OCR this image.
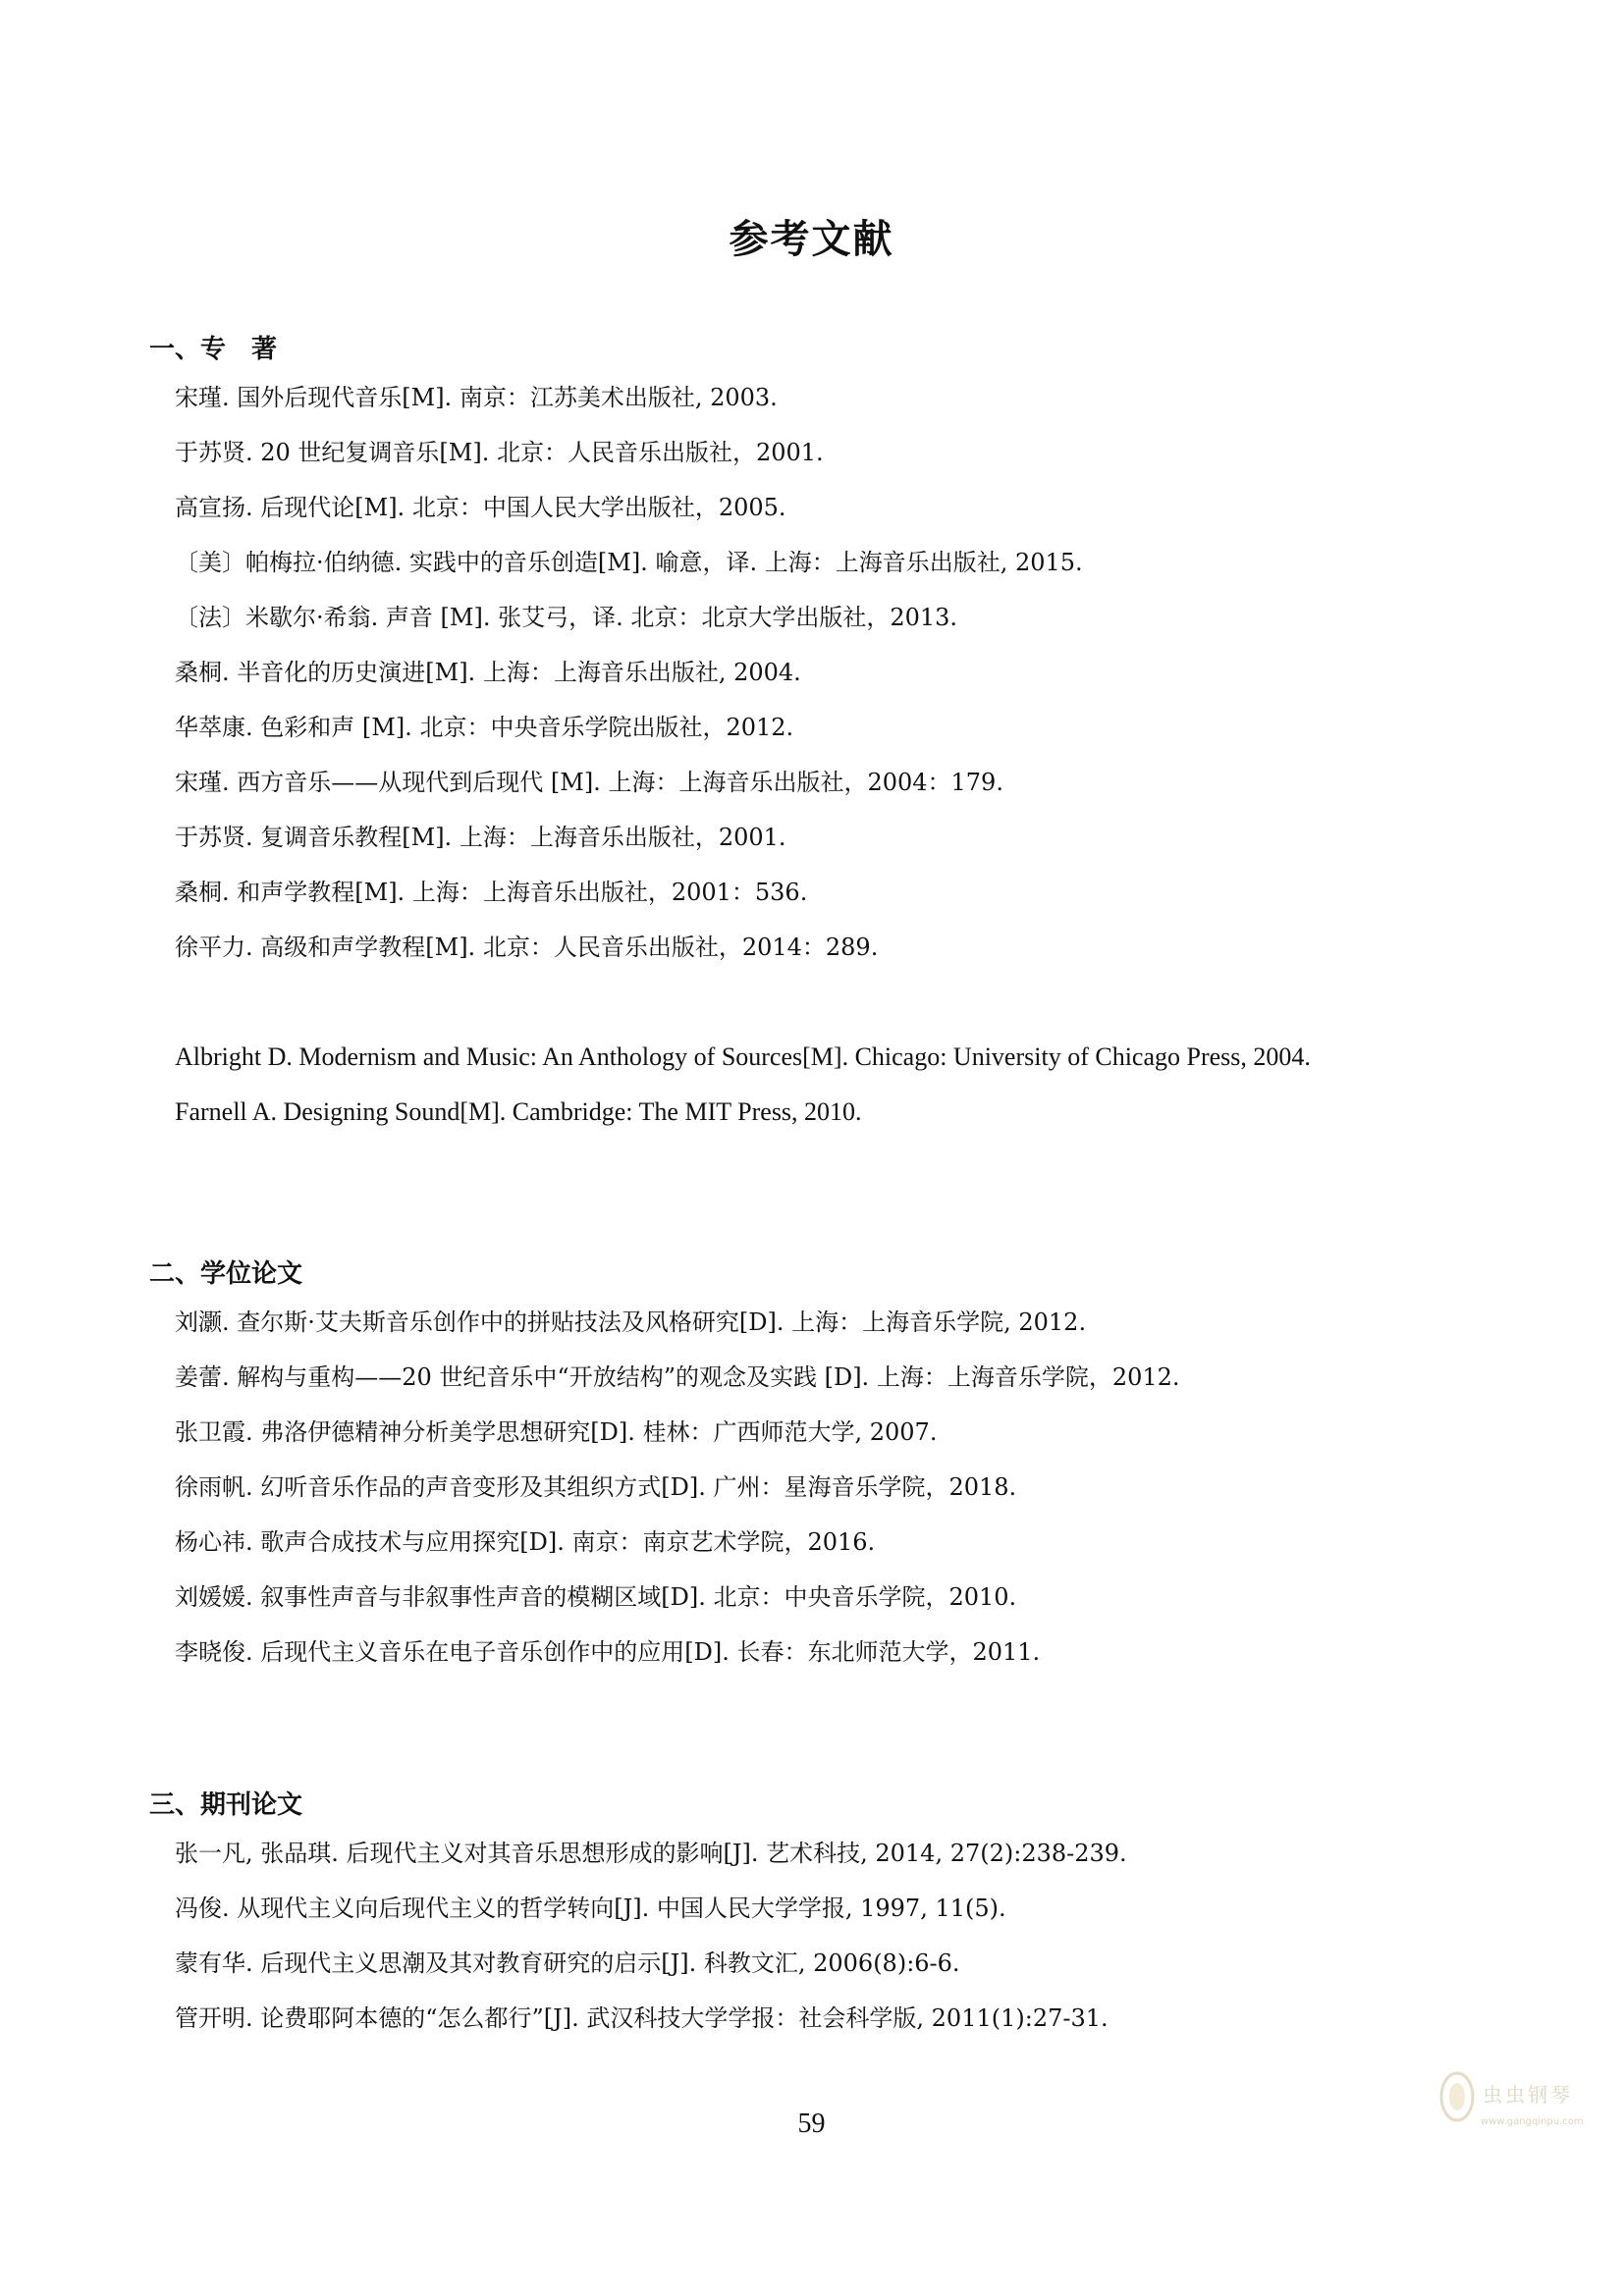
参考文献
一、专　著
宋瑾. 国外后现代音乐[M]. 南京：江苏美术出版社, 2003.
于苏贤. 20 世纪复调音乐[M]. 北京：人民音乐出版社，2001.
高宣扬. 后现代论[M]. 北京：中国人民大学出版社，2005.
〔美〕帕梅拉·伯纳德. 实践中的音乐创造[M]. 喻意，译. 上海：上海音乐出版社, 2015.
〔法〕米歇尔·希翁. 声音 [M]. 张艾弓，译. 北京：北京大学出版社，2013.
桑桐. 半音化的历史演进[M]. 上海：上海音乐出版社, 2004.
华萃康. 色彩和声 [M]. 北京：中央音乐学院出版社，2012.
宋瑾. 西方音乐——从现代到后现代 [M]. 上海：上海音乐出版社，2004：179.
于苏贤. 复调音乐教程[M]. 上海：上海音乐出版社，2001.
桑桐. 和声学教程[M]. 上海：上海音乐出版社，2001：536.
徐平力. 高级和声学教程[M]. 北京：人民音乐出版社，2014：289.
Albright D. Modernism and Music: An Anthology of Sources[M]. Chicago: University of Chicago Press, 2004.
Farnell A. Designing Sound[M]. Cambridge: The MIT Press, 2010.
二、学位论文
刘灏. 查尔斯·艾夫斯音乐创作中的拼贴技法及风格研究[D]. 上海：上海音乐学院, 2012.
姜蕾. 解构与重构——20 世纪音乐中“开放结构”的观念及实践 [D]. 上海：上海音乐学院，2012.
张卫霞. 弗洛伊德精神分析美学思想研究[D]. 桂林：广西师范大学, 2007.
徐雨帆. 幻听音乐作品的声音变形及其组织方式[D]. 广州：星海音乐学院，2018.
杨心祎. 歌声合成技术与应用探究[D]. 南京：南京艺术学院，2016.
刘媛媛. 叙事性声音与非叙事性声音的模糊区域[D]. 北京：中央音乐学院，2010.
李晓俊. 后现代主义音乐在电子音乐创作中的应用[D]. 长春：东北师范大学，2011.
三、期刊论文
张一凡, 张品琪. 后现代主义对其音乐思想形成的影响[J]. 艺术科技, 2014, 27(2):238-239.
冯俊. 从现代主义向后现代主义的哲学转向[J]. 中国人民大学学报, 1997, 11(5).
蒙有华. 后现代主义思潮及其对教育研究的启示[J]. 科教文汇, 2006(8):6-6.
管开明. 论费耶阿本德的“怎么都行”[J]. 武汉科技大学学报：社会科学版, 2011(1):27-31.
59
虫虫钢琴
www.gangqinpu.com
